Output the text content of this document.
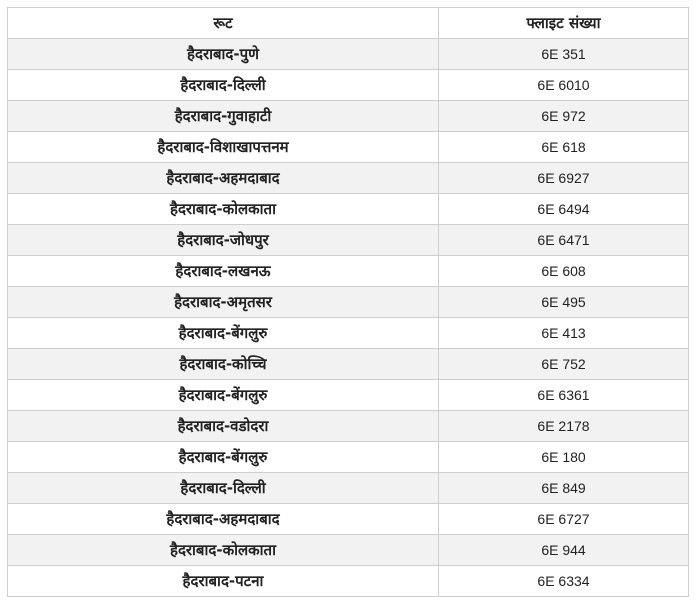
रूट	फ्लाइट संख्या
हैदराबाद-पुणे	6E 351
हैदराबाद-दिल्ली	6E 6010
हैदराबाद-गुवाहाटी	6E 972
हैदराबाद-विशाखापत्तनम	6E 618
हैदराबाद-अहमदाबाद	6E 6927
हैदराबाद-कोलकाता	6E 6494
हैदराबाद-जोधपुर	6E 6471
हैदराबाद-लखनऊ	6E 608
हैदराबाद-अमृतसर	6E 495
हैदराबाद-बेंगलुरु	6E 413
हैदराबाद-कोच्चि	6E 752
हैदराबाद-बेंगलुरु	6E 6361
हैदराबाद-वडोदरा	6E 2178
हैदराबाद-बेंगलुरु	6E 180
हैदराबाद-दिल्ली	6E 849
हैदराबाद-अहमदाबाद	6E 6727
हैदराबाद-कोलकाता	6E 944
हैदराबाद-पटना	6E 6334
